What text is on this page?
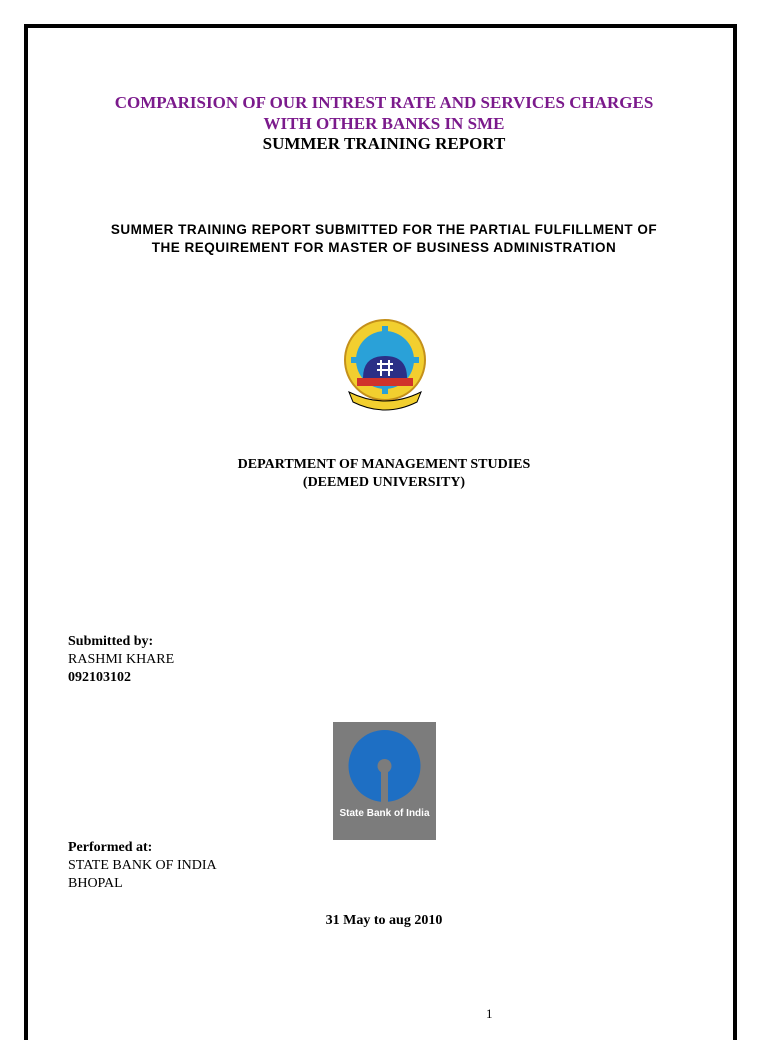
COMPARISION OF OUR INTREST RATE AND SERVICES CHARGES
WITH OTHER BANKS IN SME
SUMMER TRAINING REPORT
SUMMER TRAINING REPORT SUBMITTED FOR THE PARTIAL FULFILLMENT OF
THE REQUIREMENT FOR MASTER OF BUSINESS ADMINISTRATION
DEPARTMENT OF MANAGEMENT STUDIES
(DEEMED UNIVERSITY)
Submitted by:
RASHMI KHARE
092103102
State Bank of India
Performed at:
STATE BANK OF INDIA
BHOPAL
31 May to aug 2010
1
